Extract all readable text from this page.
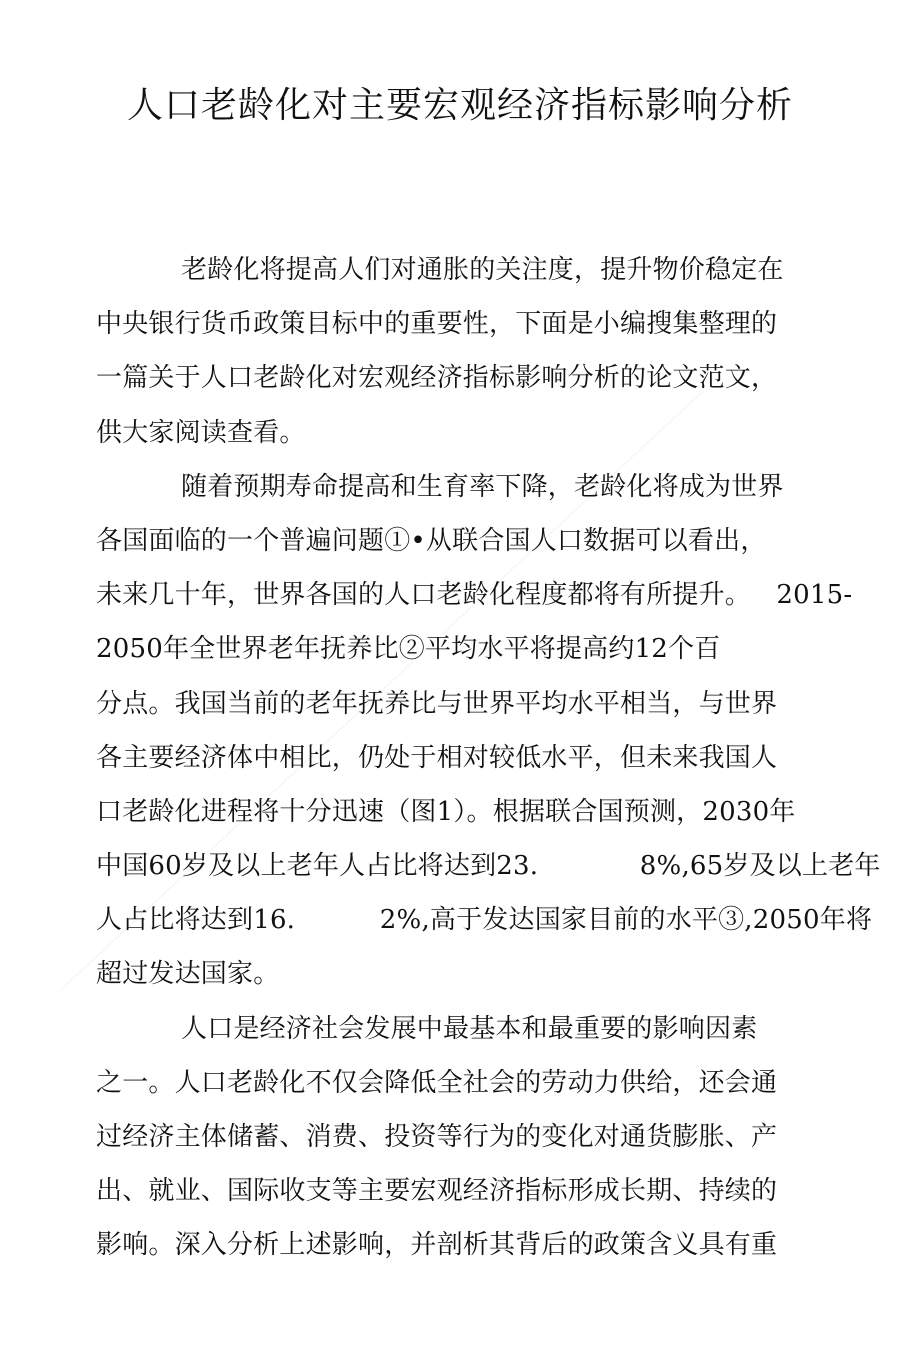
人口老龄化对主要宏观经济指标影响分析
老龄化将提高人们对通胀的关注度，提升物价稳定在
中央银行货币政策目标中的重要性，下面是小编搜集整理的
一篇关于人口老龄化对宏观经济指标影响分析的论文范文，
供大家阅读查看。
随着预期寿命提高和生育率下降，老龄化将成为世界
各国面临的一个普遍问题①•从联合国人口数据可以看出，
未来几十年，世界各国的人口老龄化程度都将有所提升。   2015-
2050年全世界老年抚养比②平均水平将提高约12个百
分点。我国当前的老年抚养比与世界平均水平相当，与世界
各主要经济体中相比，仍处于相对较低水平，但未来我国人
口老龄化进程将十分迅速（图1）。根据联合国预测，2030年
中国60岁及以上老年人占比将达到23.            8%,65岁及以上老年
人占比将达到16.          2%,高于发达国家目前的水平③,2050年将
超过发达国家。
人口是经济社会发展中最基本和最重要的影响因素
之一。人口老龄化不仅会降低全社会的劳动力供给，还会通
过经济主体储蓄、消费、投资等行为的变化对通货膨胀、产
出、就业、国际收支等主要宏观经济指标形成长期、持续的
影响。深入分析上述影响，并剖析其背后的政策含义具有重
